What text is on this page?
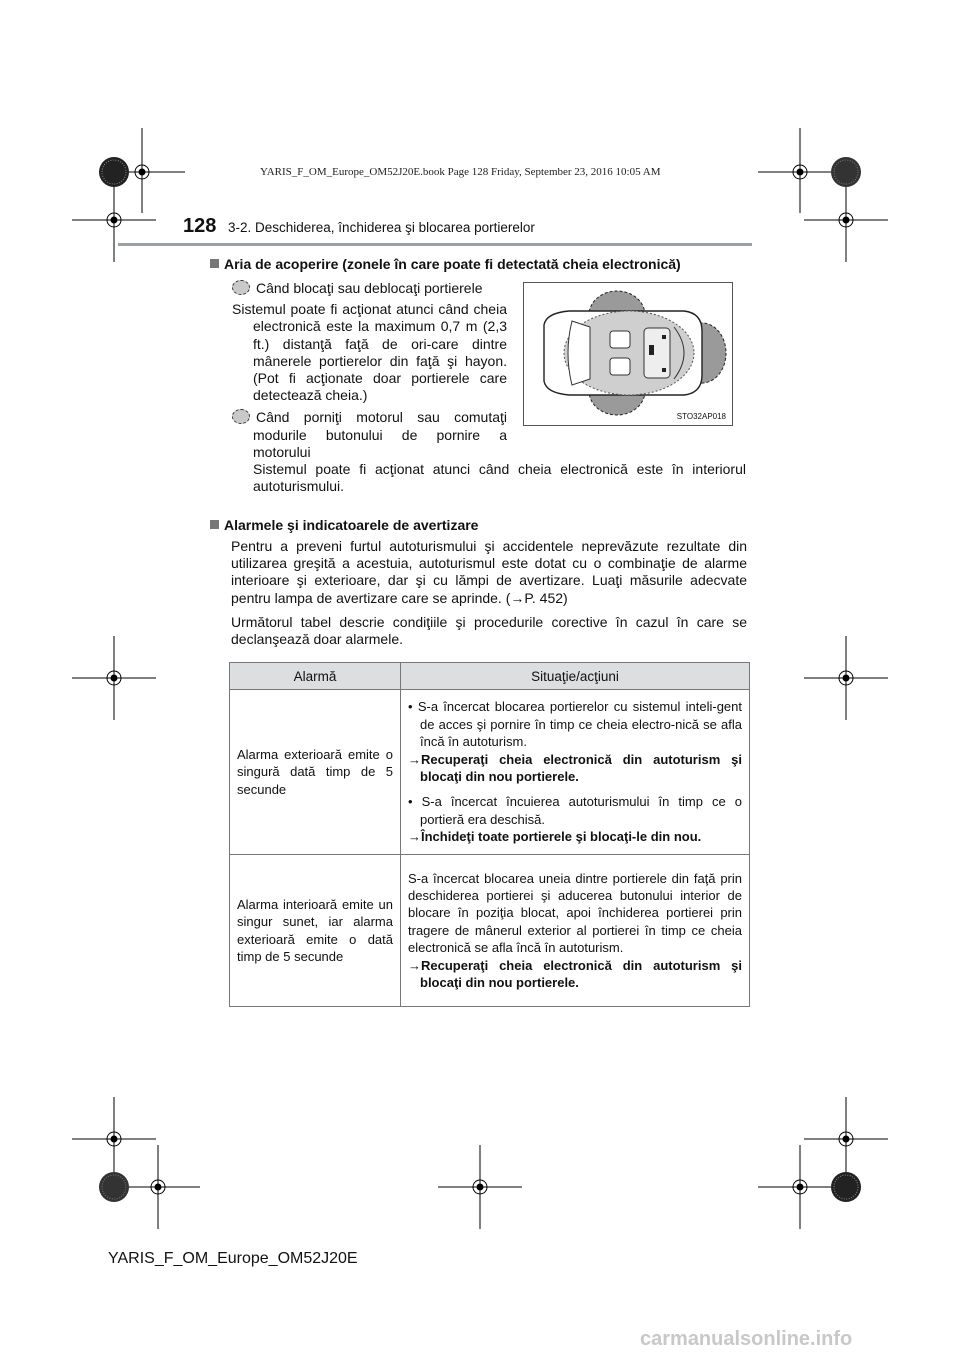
YARIS_F_OM_Europe_OM52J20E.book Page 128 Friday, September 23, 2016 10:05 AM
128 3-2. Deschiderea, închiderea şi blocarea portierelor
Aria de acoperire (zonele în care poate fi detectată cheia electronică)
Când blocaţi sau deblocaţi portierele
Sistemul poate fi acţionat atunci când cheia electronică este la maximum 0,7 m (2,3 ft.) distanţă faţă de ori-care dintre mânerele portierelor din faţă şi hayon. (Pot fi acţionate doar portierele care detectează cheia.)
Când porniţi motorul sau comutaţi modurile butonului de pornire a motorului
STO32AP018
Sistemul poate fi acţionat atunci când cheia electronică este în interiorul autoturismului.
Alarmele şi indicatoarele de avertizare
Pentru a preveni furtul autoturismului şi accidentele neprevăzute rezultate din utilizarea greşită a acestuia, autoturismul este dotat cu o combinaţie de alarme interioare şi exterioare, dar şi cu lămpi de avertizare. Luaţi măsurile adecvate pentru lampa de avertizare care se aprinde. (→P. 452)
Următorul tabel descrie condiţiile şi procedurile corective în cazul în care se declanşează doar alarmele.
Alarmă	Situaţie/acţiuni
Alarma exterioară emite o singură dată timp de 5 secunde	• S-a încercat blocarea portierelor cu sistemul inteli-gent de acces şi pornire în timp ce cheia electro-nică se afla încă în autoturism.
→Recuperaţi cheia electronică din autoturism şi blocaţi din nou portierele.
• S-a încercat încuierea autoturismului în timp ce o portieră era deschisă.
→Închideţi toate portierele şi blocaţi-le din nou.

Alarma interioară emite un singur sunet, iar alarma exterioară emite o dată timp de 5 secunde	S-a încercat blocarea uneia dintre portierele din faţă prin deschiderea portierei şi aducerea butonului interior de blocare în poziţia blocat, apoi închiderea portierei prin tragere de mânerul exterior al portierei în timp ce cheia electronică se afla încă în autoturism.
→Recuperaţi cheia electronică din autoturism şi blocaţi din nou portierele.
YARIS_F_OM_Europe_OM52J20E
carmanualsonline.info
